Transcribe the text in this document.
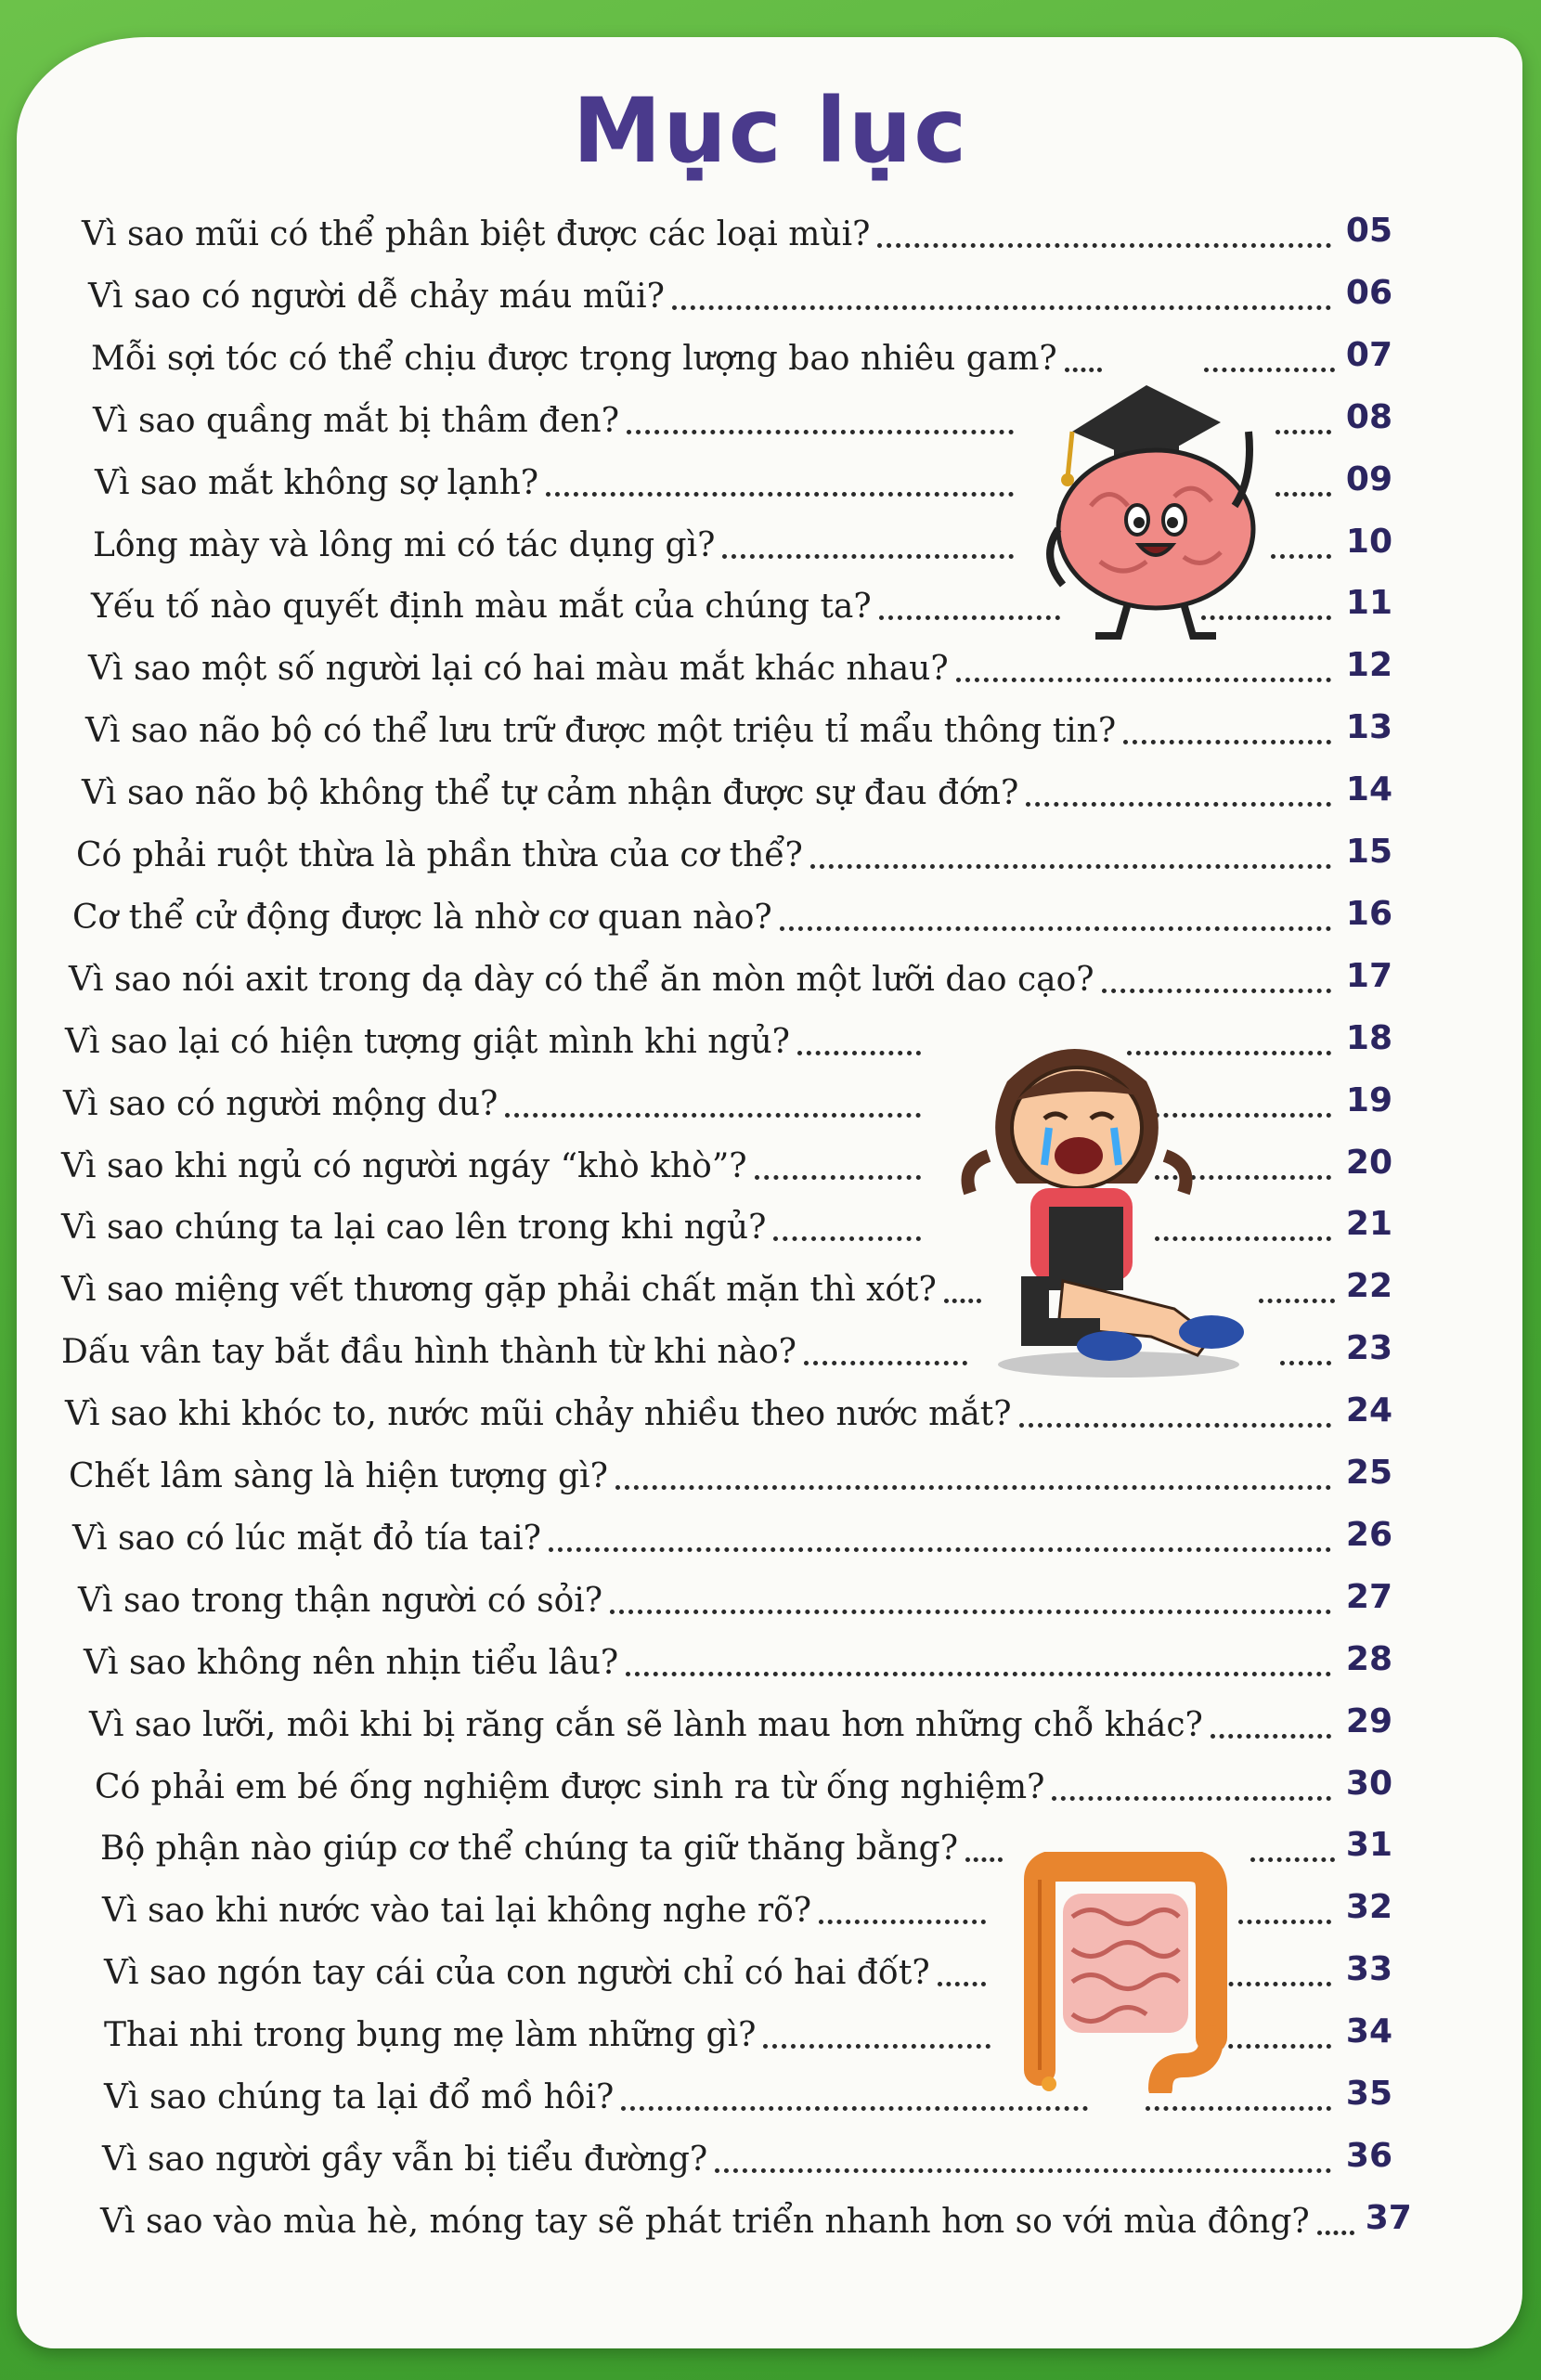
Mục lục
Vì sao mũi có thể phân biệt được các loại mùi?	05
Vì sao có người dễ chảy máu mũi?	06
Mỗi sợi tóc có thể chịu được trọng lượng bao nhiêu gam?	07
Vì sao quầng mắt bị thâm đen?	08
Vì sao mắt không sợ lạnh?	09
Lông mày và lông mi có tác dụng gì?	10
Yếu tố nào quyết định màu mắt của chúng ta?	11
Vì sao một số người lại có hai màu mắt khác nhau?	12
Vì sao não bộ có thể lưu trữ được một triệu tỉ mẩu thông tin?	13
Vì sao não bộ không thể tự cảm nhận được sự đau đớn?	14
Có phải ruột thừa là phần thừa của cơ thể?	15
Cơ thể cử động được là nhờ cơ quan nào?	16
Vì sao nói axit trong dạ dày có thể ăn mòn một lưỡi dao cạo?	17
Vì sao lại có hiện tượng giật mình khi ngủ?	18
Vì sao có người mộng du?	19
Vì sao khi ngủ có người ngáy “khò khò”?	20
Vì sao chúng ta lại cao lên trong khi ngủ?	21
Vì sao miệng vết thương gặp phải chất mặn thì xót?	22
Dấu vân tay bắt đầu hình thành từ khi nào?	23
Vì sao khi khóc to, nước mũi chảy nhiều theo nước mắt?	24
Chết lâm sàng là hiện tượng gì?	25
Vì sao có lúc mặt đỏ tía tai?	26
Vì sao trong thận người có sỏi?	27
Vì sao không nên nhịn tiểu lâu?	28
Vì sao lưỡi, môi khi bị răng cắn sẽ lành mau hơn những chỗ khác?	29
Có phải em bé ống nghiệm được sinh ra từ ống nghiệm?	30
Bộ phận nào giúp cơ thể chúng ta giữ thăng bằng?	31
Vì sao khi nước vào tai lại không nghe rõ?	32
Vì sao ngón tay cái của con người chỉ có hai đốt?	33
Thai nhi trong bụng mẹ làm những gì?	34
Vì sao chúng ta lại đổ mồ hôi?	35
Vì sao người gầy vẫn bị tiểu đường?	36
Vì sao vào mùa hè, móng tay sẽ phát triển nhanh hơn so với mùa đông? 37
